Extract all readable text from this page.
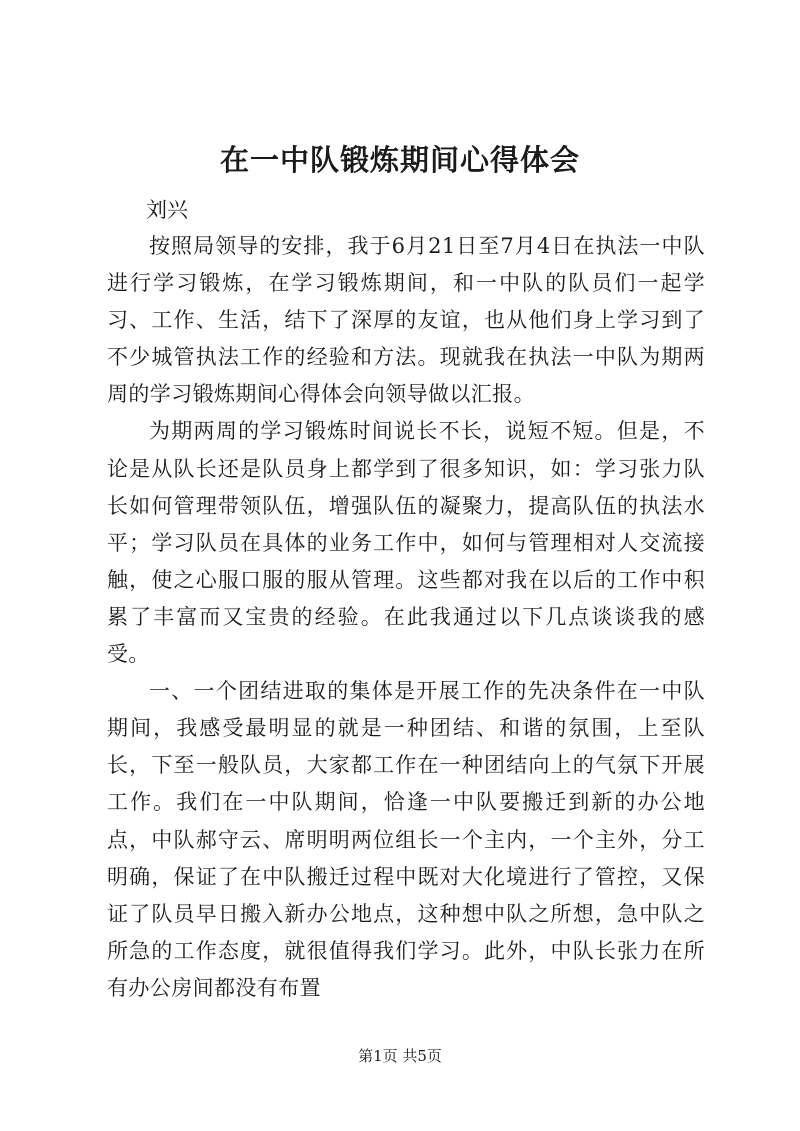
在一中队锻炼期间心得体会
刘兴

按照局领导的安排，我于6月21日至7月4日在执法一中队进行学习锻炼，在学习锻炼期间，和一中队的队员们一起学习、工作、生活，结下了深厚的友谊，也从他们身上学习到了不少城管执法工作的经验和方法。现就我在执法一中队为期两周的学习锻炼期间心得体会向领导做以汇报。

为期两周的学习锻炼时间说长不长，说短不短。但是，不论是从队长还是队员身上都学到了很多知识，如：学习张力队长如何管理带领队伍，增强队伍的凝聚力，提高队伍的执法水平；学习队员在具体的业务工作中，如何与管理相对人交流接触，使之心服口服的服从管理。这些都对我在以后的工作中积累了丰富而又宝贵的经验。在此我通过以下几点谈谈我的感受。

一、一个团结进取的集体是开展工作的先决条件在一中队期间，我感受最明显的就是一种团结、和谐的氛围，上至队长，下至一般队员，大家都工作在一种团结向上的气氛下开展工作。我们在一中队期间，恰逢一中队要搬迁到新的办公地点，中队郝守云、席明明两位组长一个主内，一个主外，分工明确，保证了在中队搬迁过程中既对大化境进行了管控，又保证了队员早日搬入新办公地点，这种想中队之所想，急中队之所急的工作态度，就很值得我们学习。此外，中队长张力在所有办公房间都没有布置

第1页 共5页
